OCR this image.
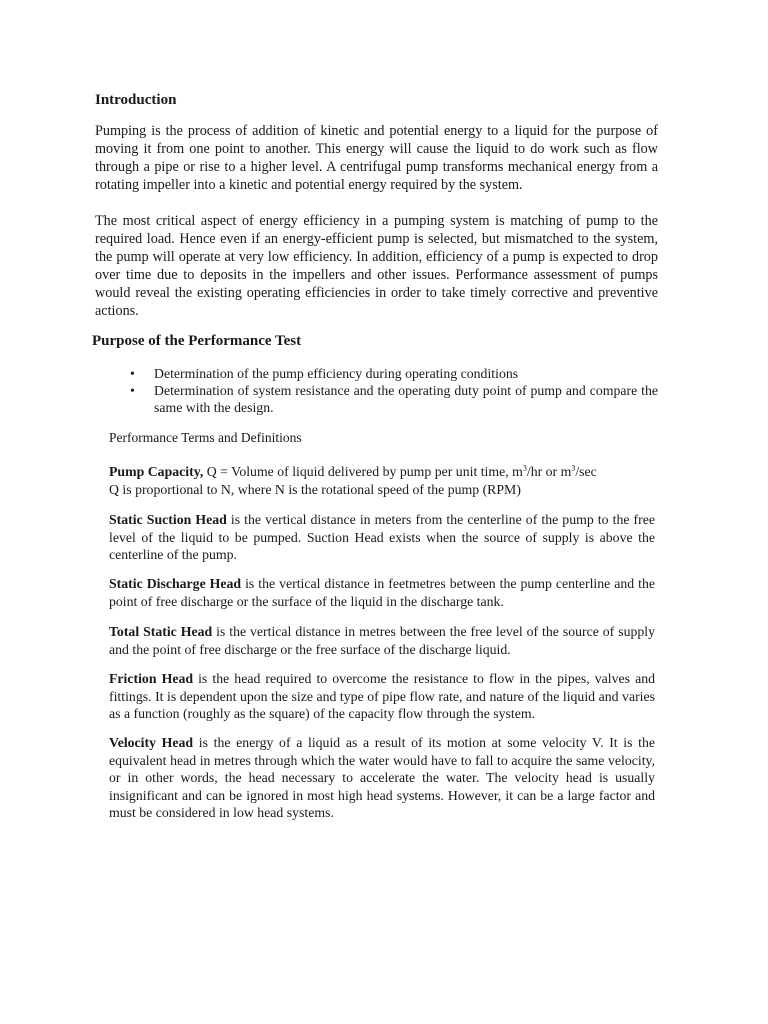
Introduction

Pumping is the process of addition of kinetic and potential energy to a liquid for the purpose of moving it from one point to another. This energy will cause the liquid to do work such as flow through a pipe or rise to a higher level. A centrifugal pump transforms mechanical energy from a rotating impeller into a kinetic and potential energy required by the system.

The most critical aspect of energy efficiency in a pumping system is matching of pump to the required load. Hence even if an energy-efficient pump is selected, but mismatched to the system, the pump will operate at very low efficiency. In addition, efficiency of a pump is expected to drop over time due to deposits in the impellers and other issues. Performance assessment of pumps would reveal the existing operating efficiencies in order to take timely corrective and preventive actions.

Purpose of the Performance Test
• Determination of the pump efficiency during operating conditions
• Determination of system resistance and the operating duty point of pump and compare the same with the design.

Performance Terms and Definitions

Pump Capacity, Q = Volume of liquid delivered by pump per unit time, $m^3/hr$ or $m^3/\sec$
Q is proportional to N, where N is the rotational speed of the pump (RPM)

Static Suction Head is the vertical distance in meters from the centerline of the pump to the free level of the liquid to be pumped. Suction Head exists when the source of supply is above the centerline of the pump.

Static Discharge Head is the vertical distance in feetmetres between the pump centerline and the point of free discharge or the surface of the liquid in the discharge tank.

Total Static Head is the vertical distance in metres between the free level of the source of supply and the point of free discharge or the free surface of the discharge liquid.

Friction Head is the head required to overcome the resistance to flow in the pipes, valves and fittings. It is dependent upon the size and type of pipe flow rate, and nature of the liquid and varies as a function (roughly as the square) of the capacity flow through the system.

Velocity Head is the energy of a liquid as a result of its motion at some velocity V. It is the equivalent head in metres through which the water would have to fall to acquire the same velocity, or in other words, the head necessary to accelerate the water. The velocity head is usually insignificant and can be ignored in most high head systems. However, it can be a large factor and must be considered in low head systems.
